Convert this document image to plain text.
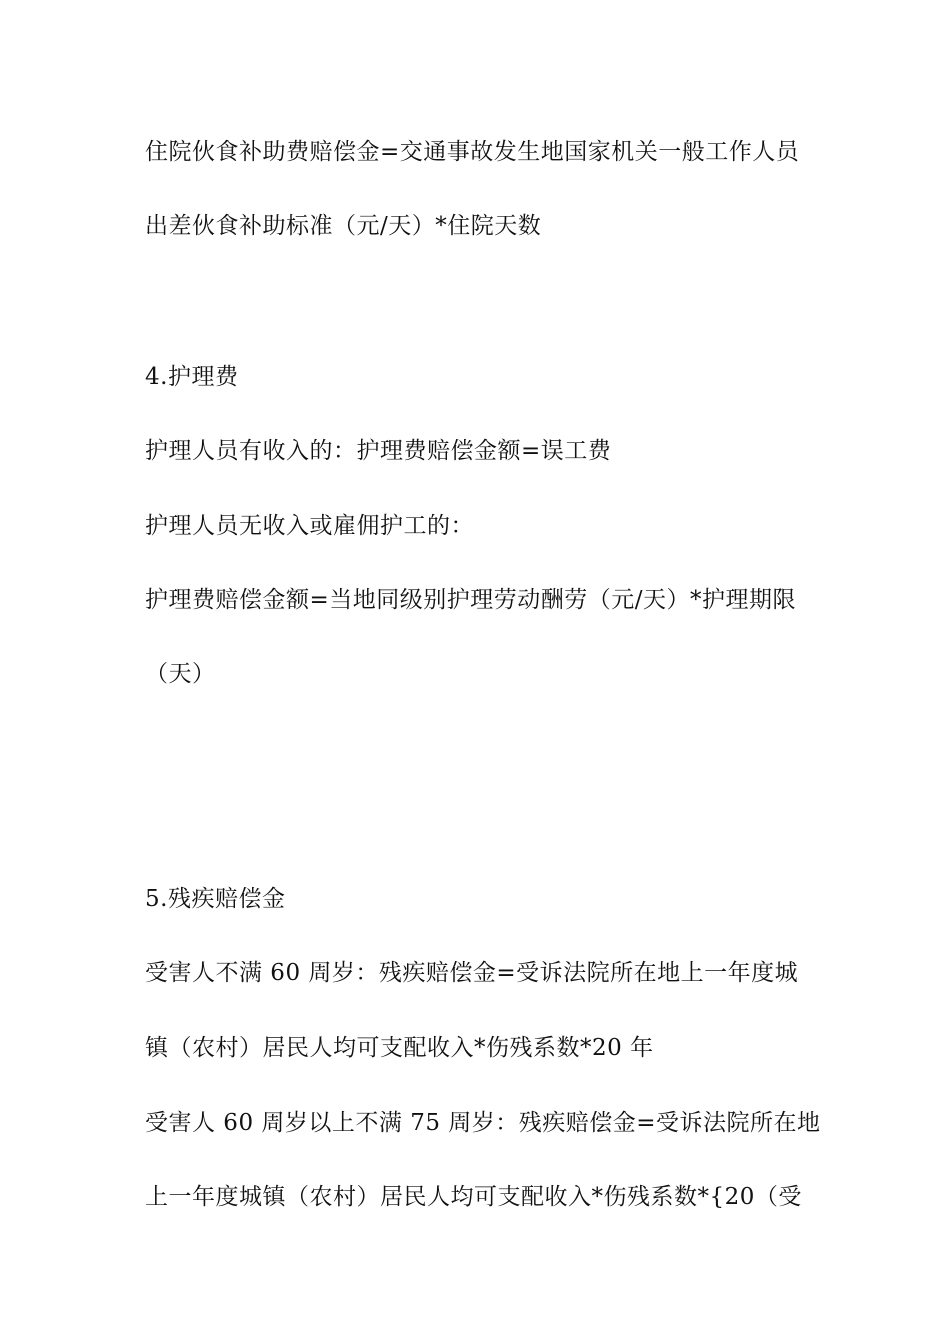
住院伙食补助费赔偿金=交通事故发生地国家机关一般工作人员
出差伙食补助标准（元/天）*住院天数
4.护理费
护理人员有收入的：护理费赔偿金额=误工费
护理人员无收入或雇佣护工的：
护理费赔偿金额=当地同级别护理劳动酬劳（元/天）*护理期限
（天）
5.残疾赔偿金
受害人不满 60 周岁：残疾赔偿金=受诉法院所在地上一年度城
镇（农村）居民人均可支配收入*伤残系数*20 年
受害人 60 周岁以上不满 75 周岁：残疾赔偿金=受诉法院所在地
上一年度城镇（农村）居民人均可支配收入*伤残系数*{20（受
